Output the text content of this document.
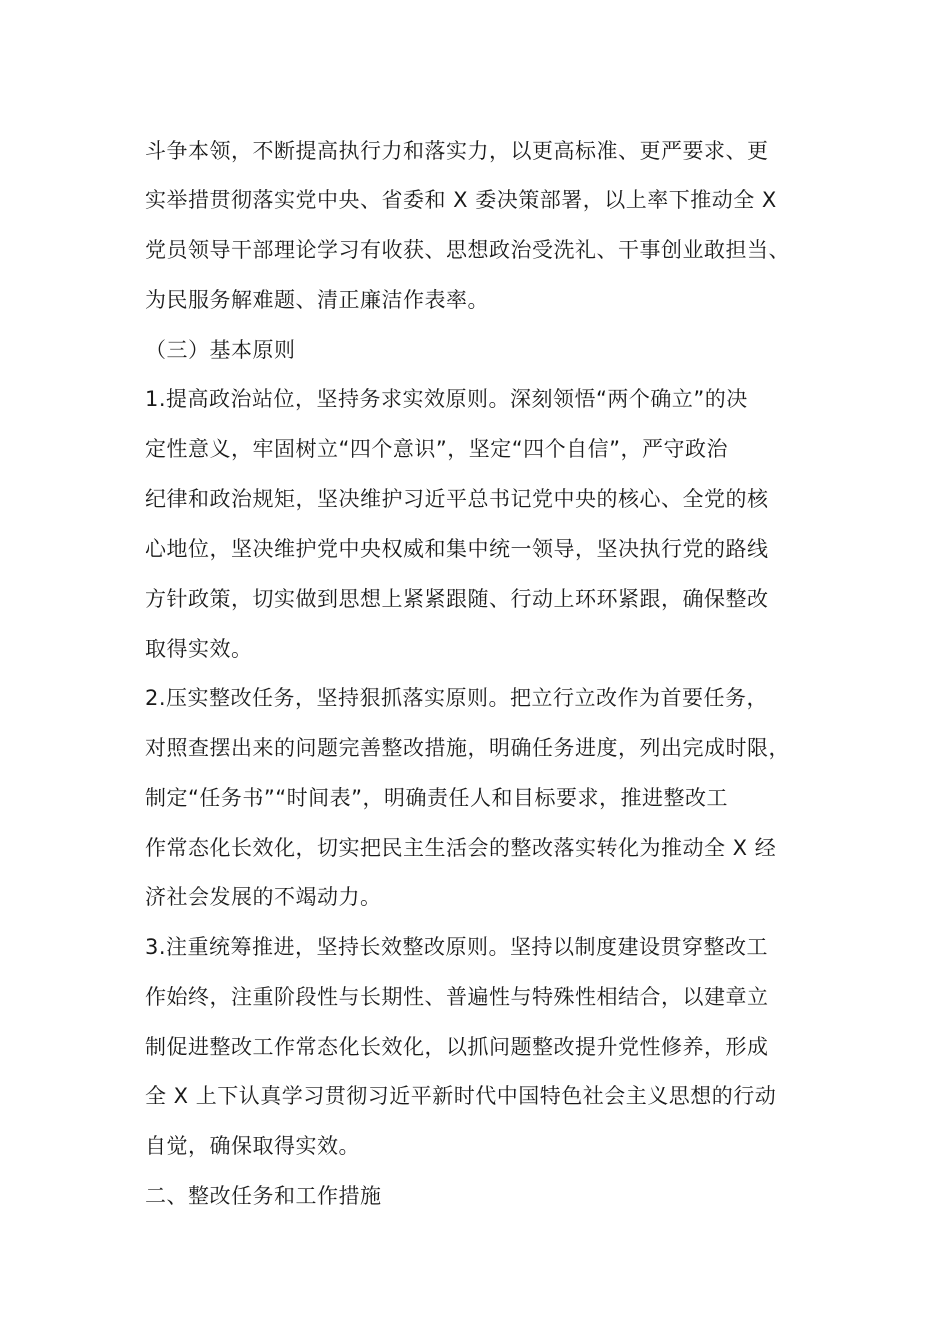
斗争本领，不断提高执行力和落实力，以更高标准、更严要求、更
实举措贯彻落实党中央、省委和 X 委决策部署，以上率下推动全 X
党员领导干部理论学习有收获、思想政治受洗礼、干事创业敢担当、
为民服务解难题、清正廉洁作表率。
（三）基本原则
1.提高政治站位，坚持务求实效原则。深刻领悟“两个确立”的决
定性意义，牢固树立“四个意识”，坚定“四个自信”，严守政治
纪律和政治规矩，坚决维护习近平总书记党中央的核心、全党的核
心地位，坚决维护党中央权威和集中统一领导，坚决执行党的路线
方针政策，切实做到思想上紧紧跟随、行动上环环紧跟，确保整改
取得实效。
2.压实整改任务，坚持狠抓落实原则。把立行立改作为首要任务，
对照查摆出来的问题完善整改措施，明确任务进度，列出完成时限，
制定“任务书”“时间表”，明确责任人和目标要求，推进整改工
作常态化长效化，切实把民主生活会的整改落实转化为推动全 X 经
济社会发展的不竭动力。
3.注重统筹推进，坚持长效整改原则。坚持以制度建设贯穿整改工
作始终，注重阶段性与长期性、普遍性与特殊性相结合，以建章立
制促进整改工作常态化长效化，以抓问题整改提升党性修养，形成
全 X 上下认真学习贯彻习近平新时代中国特色社会主义思想的行动
自觉，确保取得实效。
二、整改任务和工作措施
